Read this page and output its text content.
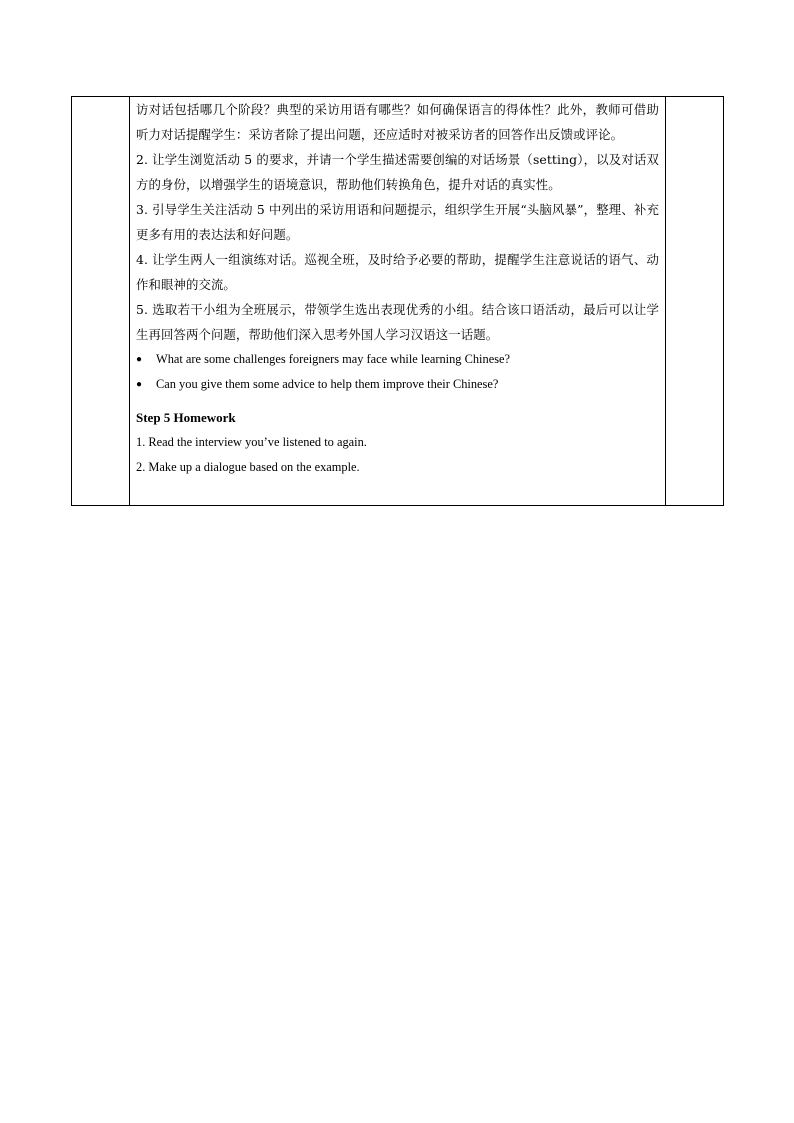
访对话包括哪几个阶段？典型的采访用语有哪些？如何确保语言的得体性？此外，教师可借助听力对话提醒学生：采访者除了提出问题，还应适时对被采访者的回答作出反馈或评论。

2. 让学生浏览活动 5 的要求，并请一个学生描述需要创编的对话场景（setting），以及对话双方的身份，以增强学生的语境意识，帮助他们转换角色，提升对话的真实性。

3. 引导学生关注活动 5 中列出的采访用语和问题提示，组织学生开展“头脑风暴”，整理、补充更多有用的表达法和好问题。

4. 让学生两人一组演练对话。巡视全班，及时给予必要的帮助，提醒学生注意说话的语气、动作和眼神的交流。

5. 选取若干小组为全班展示，带领学生选出表现优秀的小组。结合该口语活动，最后可以让学生再回答两个问题，帮助他们深入思考外国人学习汉语这一话题。

●	What are some challenges foreigners may face while learning Chinese?
●	Can you give them some advice to help them improve their Chinese?

Step 5 Homework

1. Read the interview you’ve listened to again.

2. Make up a dialogue based on the example.
